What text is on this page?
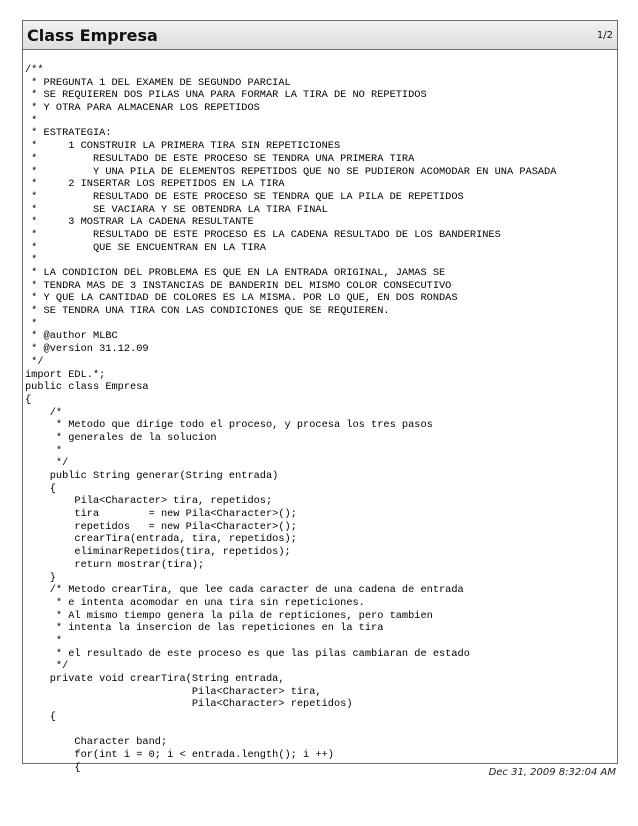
Class Empresa	1/2
/**
* PREGUNTA 1 DEL EXAMEN DE SEGUNDO PARCIAL
* SE REQUIEREN DOS PILAS UNA PARA FORMAR LA TIRA DE NO REPETIDOS
* Y OTRA PARA ALMACENAR LOS REPETIDOS
*
* ESTRATEGIA:
*     1 CONSTRUIR LA PRIMERA TIRA SIN REPETICIONES
*         RESULTADO DE ESTE PROCESO SE TENDRA UNA PRIMERA TIRA
*         Y UNA PILA DE ELEMENTOS REPETIDOS QUE NO SE PUDIERON ACOMODAR EN UNA PASADA
*     2 INSERTAR LOS REPETIDOS EN LA TIRA
*         RESULTADO DE ESTE PROCESO SE TENDRA QUE LA PILA DE REPETIDOS
*         SE VACIARA Y SE OBTENDRA LA TIRA FINAL
*     3 MOSTRAR LA CADENA RESULTANTE
*         RESULTADO DE ESTE PROCESO ES LA CADENA RESULTADO DE LOS BANDERINES
*         QUE SE ENCUENTRAN EN LA TIRA
*
* LA CONDICION DEL PROBLEMA ES QUE EN LA ENTRADA ORIGINAL, JAMAS SE
* TENDRA MAS DE 3 INSTANCIAS DE BANDERIN DEL MISMO COLOR CONSECUTIVO
* Y QUE LA CANTIDAD DE COLORES ES LA MISMA. POR LO QUE, EN DOS RONDAS
* SE TENDRA UNA TIRA CON LAS CONDICIONES QUE SE REQUIEREN.
*
* @author MLBC
* @version 31.12.09
*/
import EDL.*;
public class Empresa
{
/*
* Metodo que dirige todo el proceso, y procesa los tres pasos
* generales de la solucion
*
*/
public String generar(String entrada)
{
Pila<Character> tira, repetidos;
tira        = new Pila<Character>();
repetidos   = new Pila<Character>();
crearTira(entrada, tira, repetidos);
eliminarRepetidos(tira, repetidos);
return mostrar(tira);
}
/* Metodo crearTira, que lee cada caracter de una cadena de entrada
* e intenta acomodar en una tira sin repeticiones.
* Al mismo tiempo genera la pila de repticiones, pero tambien
* intenta la insercion de las repeticiones en la tira
*
* el resultado de este proceso es que las pilas cambiaran de estado
*/
private void crearTira(String entrada,
Pila<Character> tira,
Pila<Character> repetidos)
{
Character band;
for(int i = 0; i < entrada.length(); i ++)
{	Dec 31, 2009 8:32:04 AM
